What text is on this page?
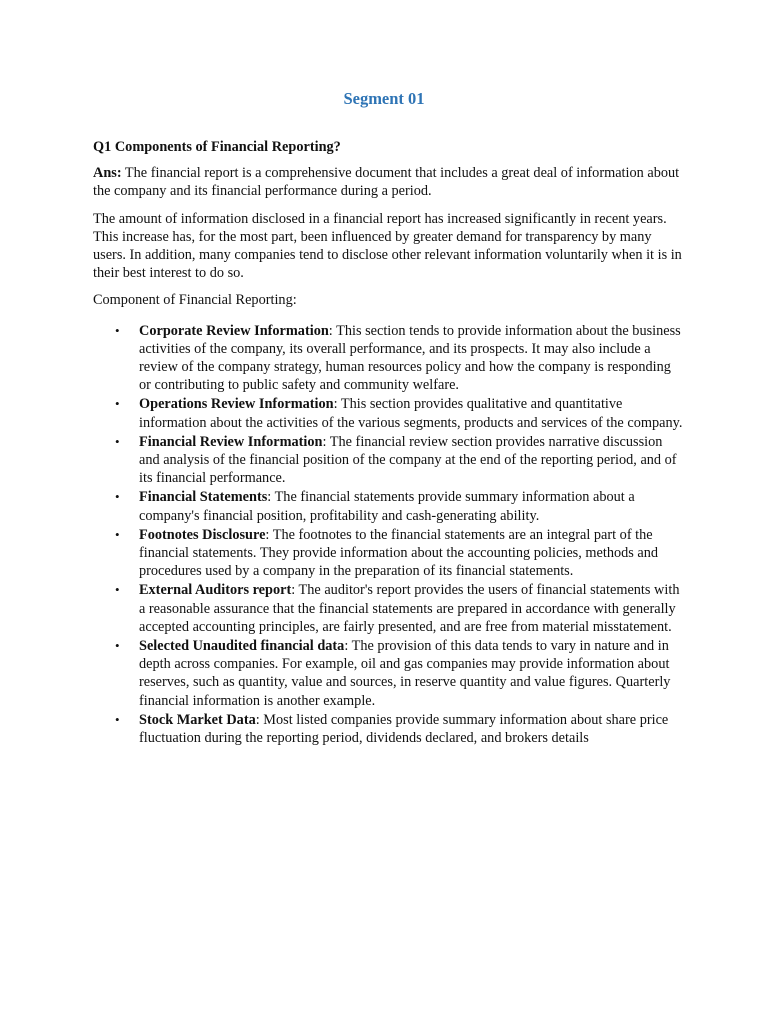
Segment 01
Q1 Components of Financial Reporting?

Ans: The financial report is a comprehensive document that includes a great deal of information about the company and its financial performance during a period.

The amount of information disclosed in a financial report has increased significantly in recent years. This increase has, for the most part, been influenced by greater demand for transparency by many users. In addition, many companies tend to disclose other relevant information voluntarily when it is in their best interest to do so.

Component of Financial Reporting:

• Corporate Review Information: This section tends to provide information about the business activities of the company, its overall performance, and its prospects. It may also include a review of the company strategy, human resources policy and how the company is responding or contributing to public safety and community welfare.
• Operations Review Information: This section provides qualitative and quantitative information about the activities of the various segments, products and services of the company.
• Financial Review Information: The financial review section provides narrative discussion and analysis of the financial position of the company at the end of the reporting period, and of its financial performance.
• Financial Statements: The financial statements provide summary information about a company's financial position, profitability and cash-generating ability.
• Footnotes Disclosure: The footnotes to the financial statements are an integral part of the financial statements. They provide information about the accounting policies, methods and procedures used by a company in the preparation of its financial statements.
• External Auditors report: The auditor's report provides the users of financial statements with a reasonable assurance that the financial statements are prepared in accordance with generally accepted accounting principles, are fairly presented, and are free from material misstatement.
• Selected Unaudited financial data: The provision of this data tends to vary in nature and in depth across companies. For example, oil and gas companies may provide information about reserves, such as quantity, value and sources, in reserve quantity and value figures. Quarterly financial information is another example.
• Stock Market Data: Most listed companies provide summary information about share price fluctuation during the reporting period, dividends declared, and brokers details
